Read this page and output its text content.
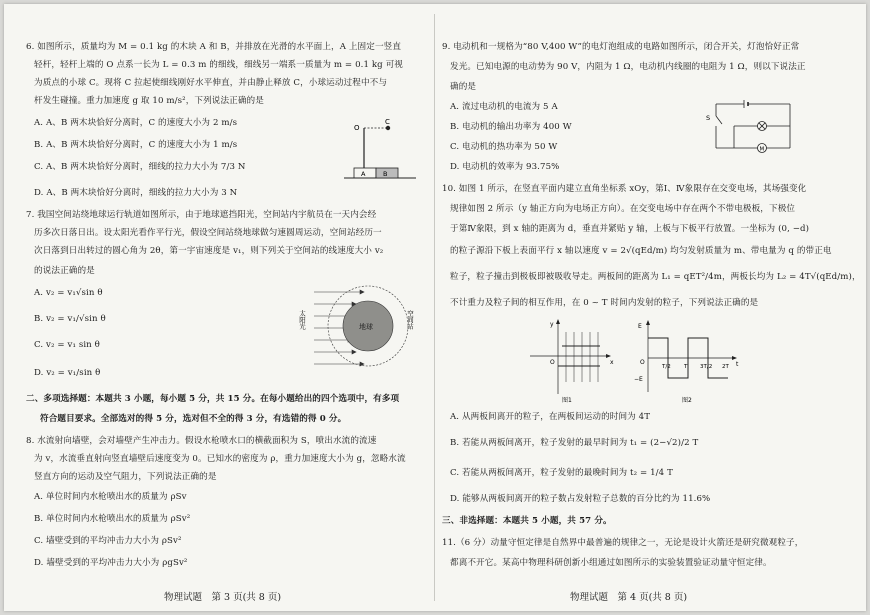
6. 如图所示，质量均为 M = 0.1 kg 的木块 A 和 B，并排放在光滑的水平面上，A 上固定一竖直
轻杆，轻杆上端的 O 点系一长为 L = 0.3 m 的细线，细线另一端系一质量为 m = 0.1 kg 可视
为质点的小球 C。现将 C 拉起使细线刚好水平伸直，并由静止释放 C，小球运动过程中不与
杆发生碰撞。重力加速度 g 取 10 m/s²，下列说法正确的是
A. A、B 两木块恰好分离时，C 的速度大小为 2 m/s
B. A、B 两木块恰好分离时，C 的速度大小为 1 m/s
C. A、B 两木块恰好分离时，细线的拉力大小为 7/3 N
D. A、B 两木块恰好分离时，细线的拉力大小为 3 N
O
C
A	B
7. 我国空间站绕地球运行轨道如图所示，由于地球遮挡阳光，空间站内宇航员在一天内会经
历多次日落日出。设太阳光看作平行光，假设空间站绕地球做匀速圆周运动，空间站经历一
次日落到日出转过的圆心角为 2θ，第一宇宙速度是 v₁，则下列关于空间站的线速度大小 v₂
的说法正确的是
A. v₂ = v₁√sin θ
B. v₂ = v₁/√sin θ
C. v₂ = v₁ sin θ
D. v₂ = v₁/sin θ
地球
太阳光	空间站
二、多项选择题：本题共 3 小题，每小题 5 分，共 15 分。在每小题给出的四个选项中，有多项
符合题目要求。全部选对的得 5 分，选对但不全的得 3 分，有选错的得 0 分。
8. 水流射向墙壁，会对墙壁产生冲击力。假设水枪喷水口的横截面积为 S，喷出水流的流速
为 v，水流垂直射向竖直墙壁后速度变为 0。已知水的密度为 ρ，重力加速度大小为 g，忽略水流
竖直方向的运动及空气阻力，下列说法正确的是
A. 单位时间内水枪喷出水的质量为 ρSv
B. 单位时间内水枪喷出水的质量为 ρSv²
C. 墙壁受到的平均冲击力大小为 ρSv²
D. 墙壁受到的平均冲击力大小为 ρgSv²
物理试题　第 3 页(共 8 页)
9. 电动机和一规格为“80 V,400 W”的电灯泡组成的电路如图所示，闭合开关，灯泡恰好正常
发光。已知电源的电动势为 90 V，内阻为 1 Ω，电动机内线圈的电阻为 1 Ω，则以下说法正
确的是
A. 流过电动机的电流为 5 A
B. 电动机的输出功率为 400 W
C. 电动机的热功率为 50 W
D. 电动机的效率为 93.75%
S
M
10. 如图 1 所示，在竖直平面内建立直角坐标系 xOy，第Ⅰ、Ⅳ象限存在交变电场，其场强变化
规律如图 2 所示（y 轴正方向为电场正方向）。在交变电场中存在两个不带电极板，下极位
于第Ⅳ象限，到 x 轴的距离为 d，垂直并紧贴 y 轴，上板与下板平行放置。一坐标为 (0, −d)
的粒子源沿下板上表面平行 x 轴以速度 v = 2√(qEd/m) 均匀发射质量为 m、带电量为 q 的带正电
粒子，粒子撞击到极板即被吸收导走。两板间的距离为 L₁ = qET²/4m，两板长均为 L₂ = 4T√(qEd/m)，
不计重力及粒子间的相互作用，在 0 ~ T 时间内发射的粒子，下列说法正确的是
y
x
O
图1
E
O	t
−E
T/2 T 3T/2 2T
图2
A. 从两板间离开的粒子，在两板间运动的时间为 4T
B. 若能从两板间离开，粒子发射的最早时间为 t₁ = (2−√2)/2 T
C. 若能从两板间离开，粒子发射的最晚时间为 t₂ = 1/4 T
D. 能够从两板间离开的粒子数占发射粒子总数的百分比约为 11.6%
三、非选择题：本题共 5 小题，共 57 分。
11.（6 分）动量守恒定律是自然界中最普遍的规律之一，无论是设计火箭还是研究微观粒子，
都离不开它。某高中物理科研创新小组通过如图所示的实验装置验证动量守恒定律。
物理试题　第 4 页(共 8 页)
